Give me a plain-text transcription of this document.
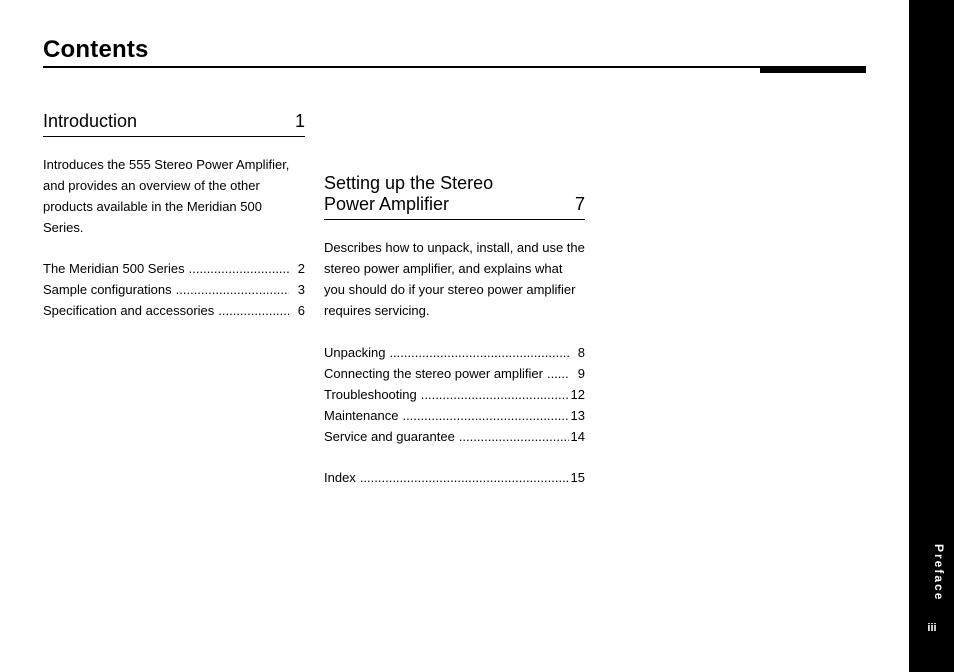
Contents
Introduction	1
Introduces the 555 Stereo Power Amplifier, and provides an overview of the other products available in the Meridian 500 Series.
The Meridian 500 Series .....	2
Sample configurations .....	3
Specification and accessories .....	6
Setting up the Stereo
Power Amplifier	7
Describes how to unpack, install, and use the stereo power amplifier, and explains what you should do if your stereo power amplifier requires servicing.
Unpacking .....	8
Connecting the stereo power amplifier .....	9
Troubleshooting .....	12
Maintenance .....	13
Service and guarantee .....	14
Index .....	15
Preface
iii
